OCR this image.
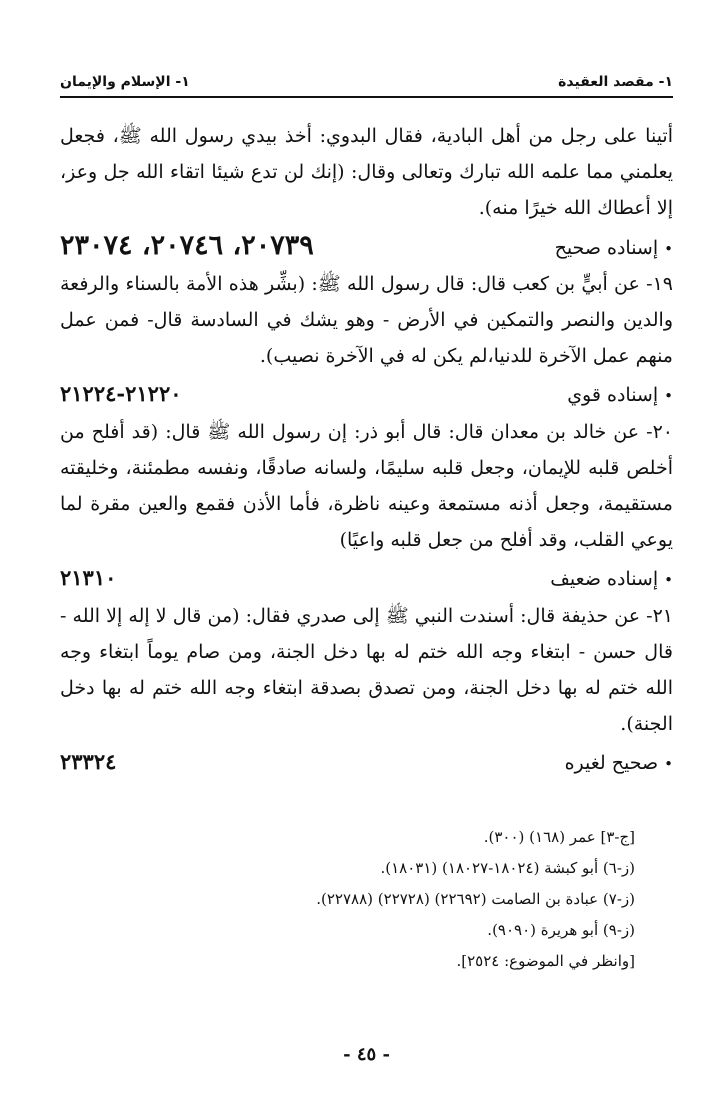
١- مقصد العقيدة
١- الإسلام والإيمان

أتينا على رجل من أهل البادية، فقال البدوي: أخذ بيدي رسول الله ﷺ، فجعل يعلمني مما علمه الله تبارك وتعالى وقال: (إنك لن تدع شيئا اتقاء الله جل وعز، إلا أعطاك الله خيرًا منه).

•إسناده صحيح
٢٠٧٣٩، ٢٠٧٤٦، ٢٣٠٧٤

١٩- عن أبيٍّ بن كعب قال: قال رسول الله ﷺ: (بشِّر هذه الأمة بالسناء والرفعة والدين والنصر والتمكين في الأرض - وهو يشك في السادسة قال- فمن عمل منهم عمل الآخرة للدنيا،لم يكن له في الآخرة نصيب).

•إسناده قوي
٢١٢٢٠-٢١٢٢٤

٢٠- عن خالد بن معدان قال: قال أبو ذر: إن رسول الله ﷺ قال: (قد أفلح من أخلص قلبه للإيمان، وجعل قلبه سليمًا، ولسانه صادقًا، ونفسه مطمئنة، وخليقته مستقيمة، وجعل أذنه مستمعة وعينه ناظرة، فأما الأذن فقمع والعين مقرة لما يوعي القلب، وقد أفلح من جعل قلبه واعيًا)

•إسناده ضعيف
٢١٣١٠

٢١- عن حذيفة قال: أسندت النبي ﷺ إلى صدري فقال: (من قال لا إله إلا الله - قال حسن - ابتغاء وجه الله ختم له بها دخل الجنة، ومن صام يوماً ابتغاء وجه الله ختم له بها دخل الجنة، ومن تصدق بصدقة ابتغاء وجه الله ختم له بها دخل الجنة).

•صحيح لغيره
٢٣٣٢٤
[ج-٣] عمر (١٦٨) (٣٠٠).
(ز-٦) أبو كبشة (١٨٠٢٤-١٨٠٢٧) (١٨٠٣١).
(ز-٧) عبادة بن الصامت (٢٢٦٩٢) (٢٢٧٢٨) (٢٢٧٨٨).
(ز-٩) أبو هريرة (٩٠٩٠).
[وانظر في الموضوع: ٢٥٢٤].
- ٤٥ -
